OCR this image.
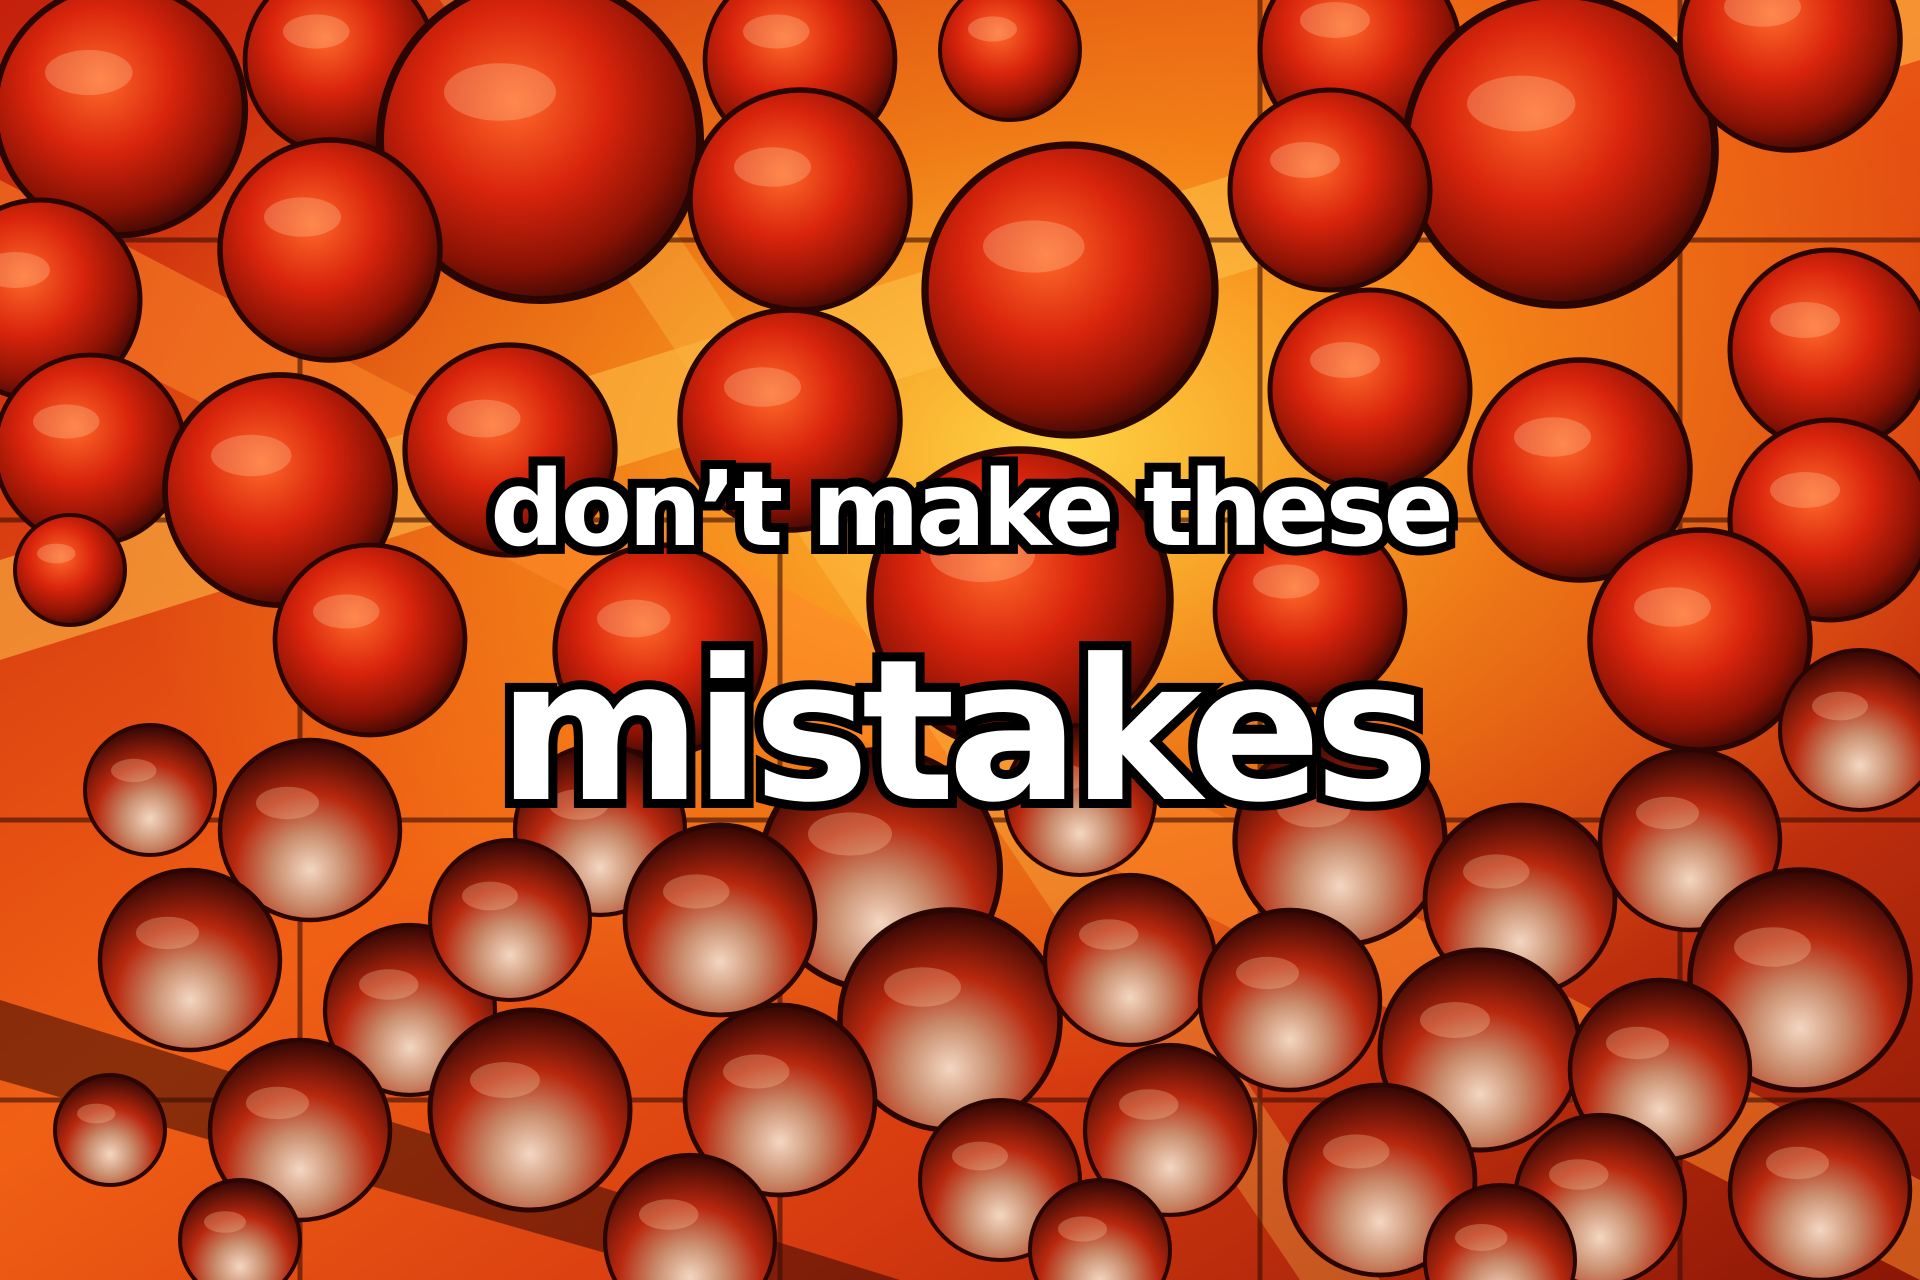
don’t make these
mistakes
